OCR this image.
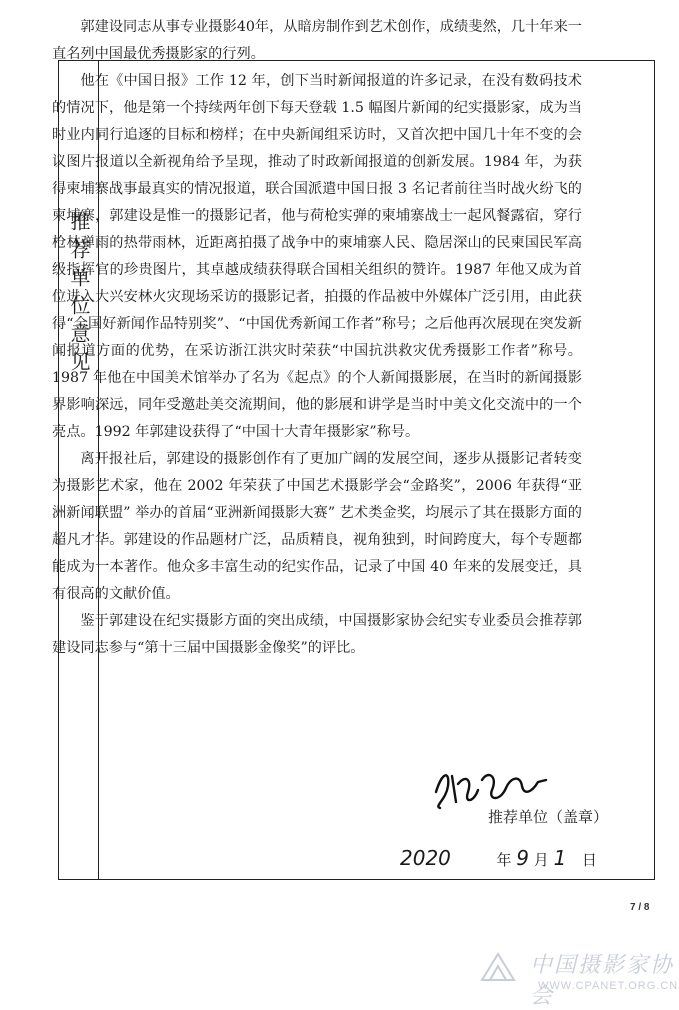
推荐单位意见

郭建设同志从事专业摄影40年，从暗房制作到艺术创作，成绩斐然，几十年来一直名列中国最优秀摄影家的行列。

他在《中国日报》工作 12 年，创下当时新闻报道的许多记录，在没有数码技术的情况下，他是第一个持续两年创下每天登载 1.5 幅图片新闻的纪实摄影家，成为当时业内同行追逐的目标和榜样；在中央新闻组采访时，又首次把中国几十年不变的会议图片报道以全新视角给予呈现，推动了时政新闻报道的创新发展。1984 年，为获得柬埔寨战事最真实的情况报道，联合国派遣中国日报 3 名记者前往当时战火纷飞的柬埔寨，郭建设是惟一的摄影记者，他与荷枪实弹的柬埔寨战士一起风餐露宿，穿行枪林弹雨的热带雨林，近距离拍摄了战争中的柬埔寨人民、隐居深山的民柬国民军高级指挥官的珍贵图片，其卓越成绩获得联合国相关组织的赞许。1987 年他又成为首位进入大兴安林火灾现场采访的摄影记者，拍摄的作品被中外媒体广泛引用，由此获得“全国好新闻作品特别奖”、“中国优秀新闻工作者”称号；之后他再次展现在突发新闻报道方面的优势，在采访浙江洪灾时荣获“中国抗洪救灾优秀摄影工作者”称号。1987 年他在中国美术馆举办了名为《起点》的个人新闻摄影展，在当时的新闻摄影界影响深远，同年受邀赴美交流期间，他的影展和讲学是当时中美文化交流中的一个亮点。1992 年郭建设获得了“中国十大青年摄影家”称号。

离开报社后，郭建设的摄影创作有了更加广阔的发展空间，逐步从摄影记者转变为摄影艺术家，他在 2002 年荣获了中国艺术摄影学会“金路奖”，2006 年获得“亚洲新闻联盟” 举办的首届“亚洲新闻摄影大赛” 艺术类金奖，均展示了其在摄影方面的超凡才华。郭建设的作品题材广泛，品质精良，视角独到，时间跨度大，每个专题都能成为一本著作。他众多丰富生动的纪实作品，记录了中国 40 年来的发展变迁，具有很高的文献价值。

鉴于郭建设在纪实摄影方面的突出成绩，中国摄影家协会纪实专业委员会推荐郭建设同志参与“第十三届中国摄影金像奖”的评比。

推荐单位（盖章）
2020	年 9 月 1 日
7 / 8
中国摄影家协会
WWW.CPANET.ORG.CN
